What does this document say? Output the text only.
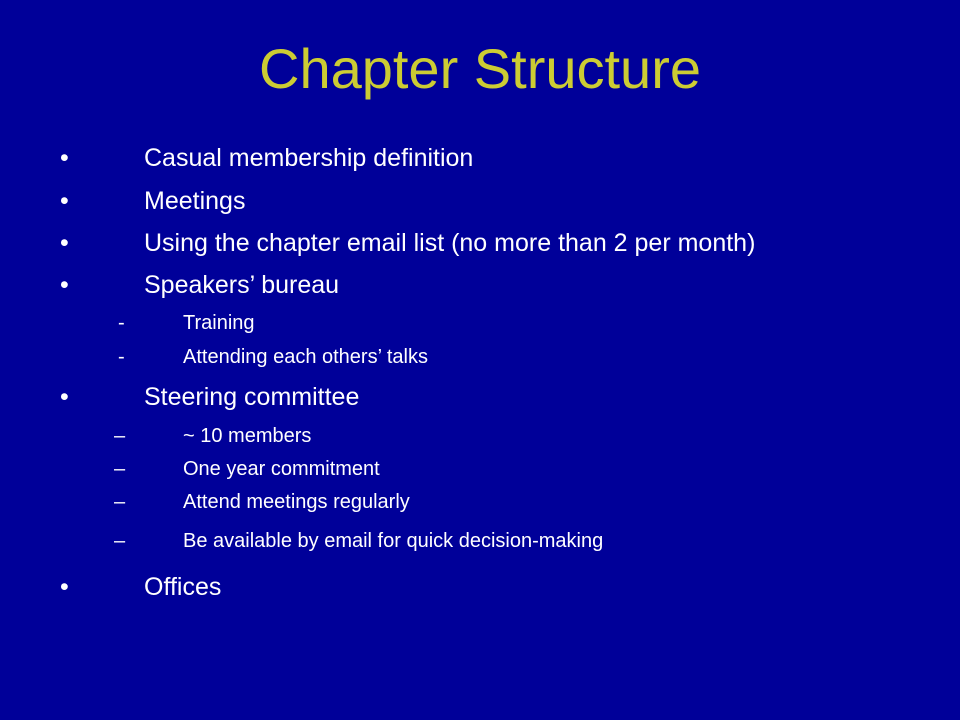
Chapter Structure
•	Casual membership definition
•	Meetings
•	Using the chapter email list (no more than 2 per month)
•	Speakers’ bureau
-	Training
-	Attending each others’ talks
•	Steering committee
–	~ 10 members
–	One year commitment
–	Attend meetings regularly
–	Be available by email for quick decision-making
•	Offices
